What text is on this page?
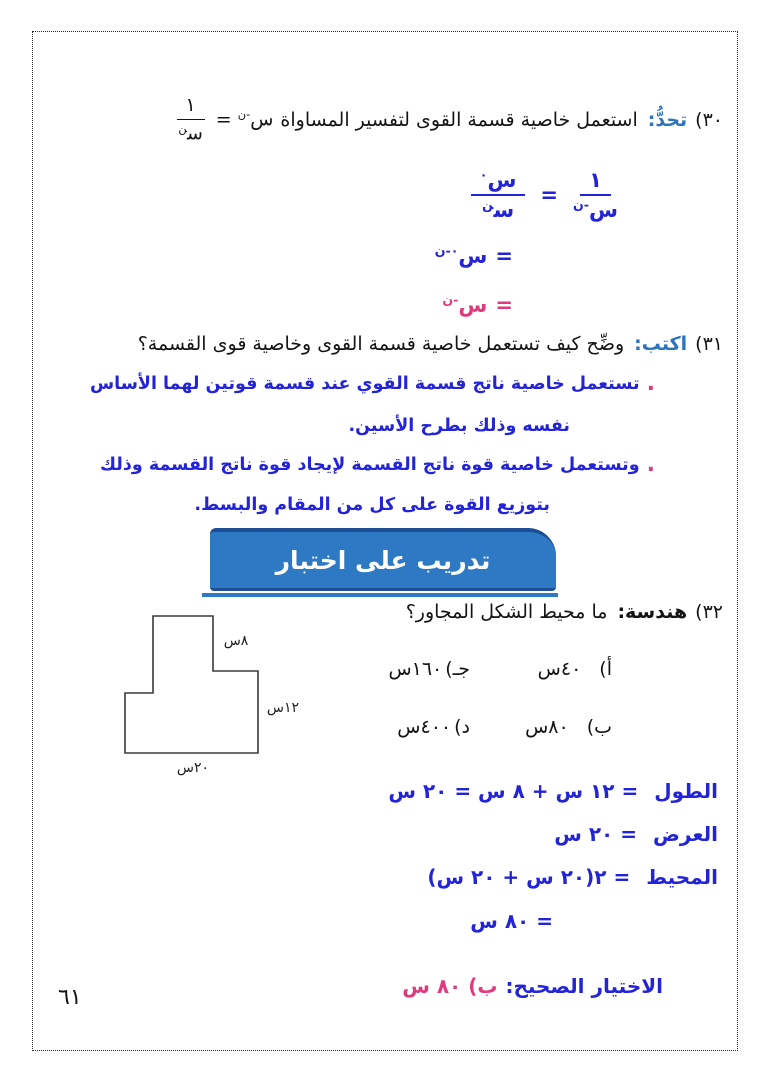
٣٠)
تحدُّ:
استعمل خاصية قسمة القوى لتفسير المساواة
س$^{-ن}$ =
$\frac{١}{س^ن}$
$\frac{١}{س^{-ن}}$
=
$\frac{س^٠}{س^ن}$
=
س$^{٠-ن}$
=
س$^{-ن}$
٣١)
اكتب:
وضِّح كيف تستعمل خاصية قسمة القوى وخاصية قوى القسمة؟
.
تستعمل خاصية ناتج قسمة القوي عند قسمة قوتين لهما الأساس
نفسه وذلك بطرح الأسين.
.
وتستعمل خاصية قوة ناتج القسمة لإيجاد قوة ناتج القسمة وذلك
بتوزيع القوة على كل من المقام والبسط.
تدريب على اختبار
٣٢)
هندسة:
ما محيط الشكل المجاور؟
٨س
١٢س
٢٠س
أ)
٤٠س
جـ)
١٦٠س
ب)
٨٠س
د)
٤٠٠س
الطول
= ١٢ س + ٨ س = ٢٠ س
العرض
= ٢٠ س
المحيط
= ٢(٢٠ س + ٢٠ س)
= ٨٠ س
الاختيار الصحيح:
ب) ٨٠ س
٦١
